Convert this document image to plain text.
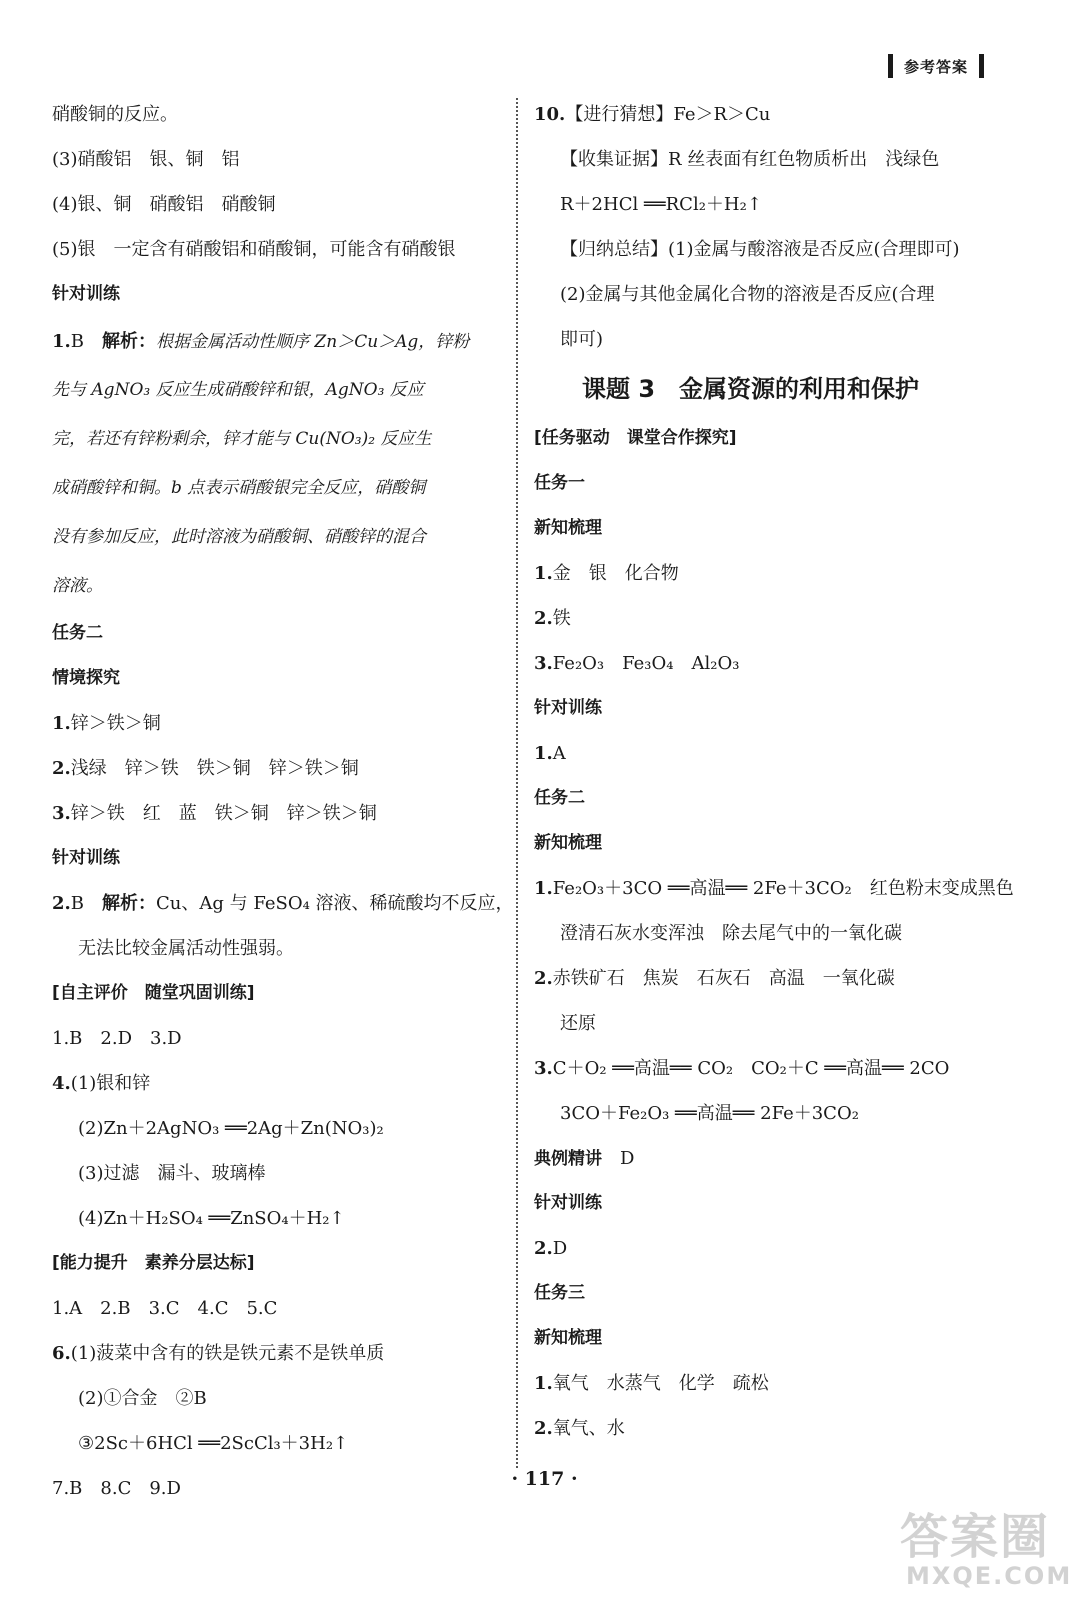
参考答案
硝酸铜的反应。
(3)硝酸铝　银、铜　铝
(4)银、铜　硝酸铝　硝酸铜
(5)银　一定含有硝酸铝和硝酸铜，可能含有硝酸银
针对训练
1.B　解析：根据金属活动性顺序 Zn＞Cu＞Ag，锌粉
先与 AgNO₃ 反应生成硝酸锌和银，AgNO₃ 反应
完，若还有锌粉剩余，锌才能与 Cu(NO₃)₂ 反应生
成硝酸锌和铜。b 点表示硝酸银完全反应，硝酸铜
没有参加反应，此时溶液为硝酸铜、硝酸锌的混合
溶液。
任务二
情境探究
1.锌＞铁＞铜
2.浅绿　锌＞铁　铁＞铜　锌＞铁＞铜
3.锌＞铁　红　蓝　铁＞铜　锌＞铁＞铜
针对训练
2.B　解析：Cu、Ag 与 FeSO₄ 溶液、稀硫酸均不反应，
无法比较金属活动性强弱。
[自主评价　随堂巩固训练]
1.B　2.D　3.D
4.(1)银和锌
(2)Zn＋2AgNO₃ ══2Ag＋Zn(NO₃)₂
(3)过滤　漏斗、玻璃棒
(4)Zn＋H₂SO₄ ══ZnSO₄＋H₂↑
[能力提升　素养分层达标]
1.A　2.B　3.C　4.C　5.C
6.(1)菠菜中含有的铁是铁元素不是铁单质
(2)①合金　②B
③2Sc＋6HCl ══2ScCl₃＋3H₂↑
7.B　8.C　9.D
10.【进行猜想】Fe＞R＞Cu
【收集证据】R 丝表面有红色物质析出　浅绿色
R＋2HCl ══RCl₂＋H₂↑
【归纳总结】(1)金属与酸溶液是否反应(合理即可)
(2)金属与其他金属化合物的溶液是否反应(合理
即可)
课题 3　金属资源的利用和保护
[任务驱动　课堂合作探究]
任务一
新知梳理
1.金　银　化合物
2.铁
3.Fe₂O₃　Fe₃O₄　Al₂O₃
针对训练
1.A
任务二
新知梳理
1.Fe₂O₃＋3CO ══高温══ 2Fe＋3CO₂　红色粉末变成黑色
澄清石灰水变浑浊　除去尾气中的一氧化碳
2.赤铁矿石　焦炭　石灰石　高温　一氧化碳
还原
3.C＋O₂ ══高温══ CO₂　CO₂＋C ══高温══ 2CO
3CO＋Fe₂O₃ ══高温══ 2Fe＋3CO₂
典例精讲　D
针对训练
2.D
任务三
新知梳理
1.氧气　水蒸气　化学　疏松
2.氧气、水
· 117 ·
答案圈
MXQE.COM
